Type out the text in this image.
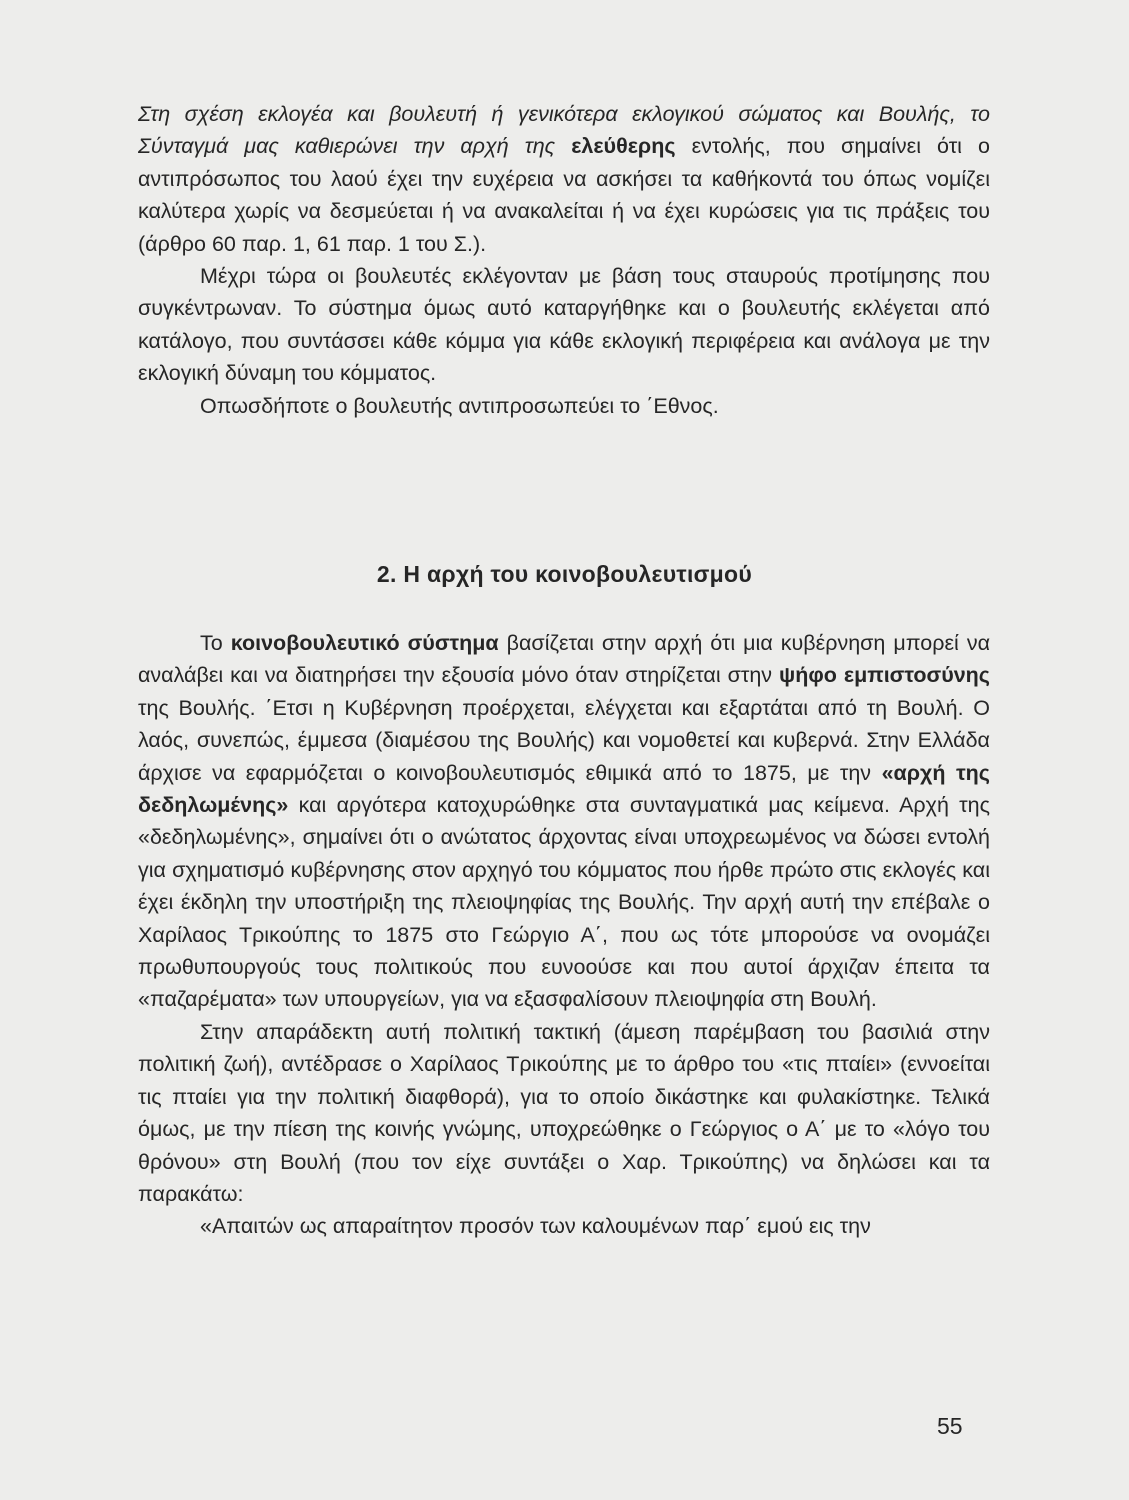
Στη σχέση εκλογέα και βουλευτή ή γενικότερα εκλογικού σώματος και Βουλής, το Σύνταγμά μας καθιερώνει την αρχή της ελεύθερης εντολής, που σημαίνει ότι ο αντιπρόσωπος του λαού έχει την ευχέρεια να ασκήσει τα καθήκοντά του όπως νομίζει καλύτερα χωρίς να δεσμεύεται ή να ανακαλείται ή να έχει κυρώσεις για τις πράξεις του (άρθρο 60 παρ. 1, 61 παρ. 1 του Σ.).

Μέχρι τώρα οι βουλευτές εκλέγονταν με βάση τους σταυρούς προτίμησης που συγκέντρωναν. Το σύστημα όμως αυτό καταργήθηκε και ο βουλευτής εκλέγεται από κατάλογο, που συντάσσει κάθε κόμμα για κάθε εκλογική περιφέρεια και ανάλογα με την εκλογική δύναμη του κόμματος.

Οπωσδήποτε ο βουλευτής αντιπροσωπεύει το ΄Εθνος.

2. Η αρχή του κοινοβουλευτισμού

Το κοινοβουλευτικό σύστημα βασίζεται στην αρχή ότι μια κυβέρνηση μπορεί να αναλάβει και να διατηρήσει την εξουσία μόνο όταν στηρίζεται στην ψήφο εμπιστοσύνης της Βουλής. ΄Ετσι η Κυβέρνηση προέρχεται, ελέγχεται και εξαρτάται από τη Βουλή. Ο λαός, συνεπώς, έμμεσα (διαμέσου της Βουλής) και νομοθετεί και κυβερνά. Στην Ελλάδα άρχισε να εφαρμόζεται ο κοινοβουλευτισμός εθιμικά από το 1875, με την «αρχή της δεδηλωμένης» και αργότερα κατοχυρώθηκε στα συνταγματικά μας κείμενα. Αρχή της «δεδηλωμένης», σημαίνει ότι ο ανώτατος άρχοντας είναι υποχρεωμένος να δώσει εντολή για σχηματισμό κυβέρνησης στον αρχηγό του κόμματος που ήρθε πρώτο στις εκλογές και έχει έκδηλη την υποστήριξη της πλειοψηφίας της Βουλής. Την αρχή αυτή την επέβαλε ο Χαρίλαος Τρικούπης το 1875 στο Γεώργιο Α΄, που ως τότε μπορούσε να ονομάζει πρωθυπουργούς τους πολιτικούς που ευνοούσε και που αυτοί άρχιζαν έπειτα τα «παζαρέματα» των υπουργείων, για να εξασφαλίσουν πλειοψηφία στη Βουλή.

Στην απαράδεκτη αυτή πολιτική τακτική (άμεση παρέμβαση του βασιλιά στην πολιτική ζωή), αντέδρασε ο Χαρίλαος Τρικούπης με το άρθρο του «τις πταίει» (εννοείται τις πταίει για την πολιτική διαφθορά), για το οποίο δικάστηκε και φυλακίστηκε. Τελικά όμως, με την πίεση της κοινής γνώμης, υποχρεώθηκε ο Γεώργιος ο Α΄ με το «λόγο του θρόνου» στη Βουλή (που τον είχε συντάξει ο Χαρ. Τρικούπης) να δηλώσει και τα παρακάτω:

«Απαιτών ως απαραίτητον προσόν των καλουμένων παρ΄ εμού εις την

55
